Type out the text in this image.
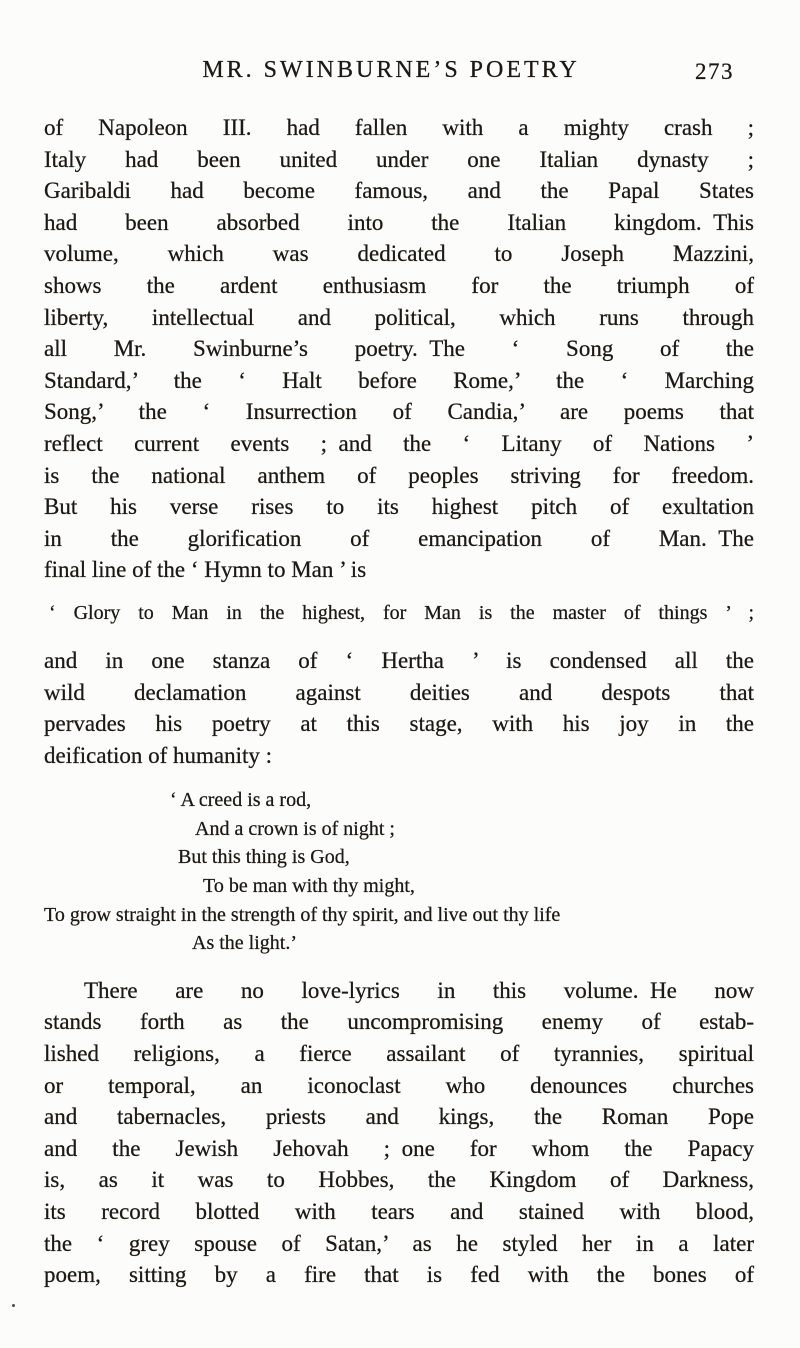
MR. SWINBURNE’S POETRY	273
of Napoleon III. had fallen with a mighty crash ;
Italy had been united under one Italian dynasty ;
Garibaldi had become famous, and the Papal States
had been absorbed into the Italian kingdom. This
volume, which was dedicated to Joseph Mazzini,
shows the ardent enthusiasm for the triumph of
liberty, intellectual and political, which runs through
all Mr. Swinburne’s poetry. The ‘ Song of the
Standard,’ the ‘ Halt before Rome,’ the ‘ Marching
Song,’ the ‘ Insurrection of Candia,’ are poems that
reflect current events ; and the ‘ Litany of Nations ’
is the national anthem of peoples striving for freedom.
But his verse rises to its highest pitch of exultation
in the glorification of emancipation of Man. The
final line of the ‘ Hymn to Man ’ is
‘ Glory to Man in the highest, for Man is the master of things ’ ;
and in one stanza of ‘ Hertha ’ is condensed all the
wild declamation against deities and despots that
pervades his poetry at this stage, with his joy in the
deification of humanity :
‘ A creed is a rod,
And a crown is of night ;
But this thing is God,
To be man with thy might,
To grow straight in the strength of thy spirit, and live out thy life
As the light.’
There are no love-lyrics in this volume. He now
stands forth as the uncompromising enemy of estab-
lished religions, a fierce assailant of tyrannies, spiritual
or temporal, an iconoclast who denounces churches
and tabernacles, priests and kings, the Roman Pope
and the Jewish Jehovah ; one for whom the Papacy
is, as it was to Hobbes, the Kingdom of Darkness,
its record blotted with tears and stained with blood,
the ‘ grey spouse of Satan,’ as he styled her in a later
poem, sitting by a fire that is fed with the bones of
